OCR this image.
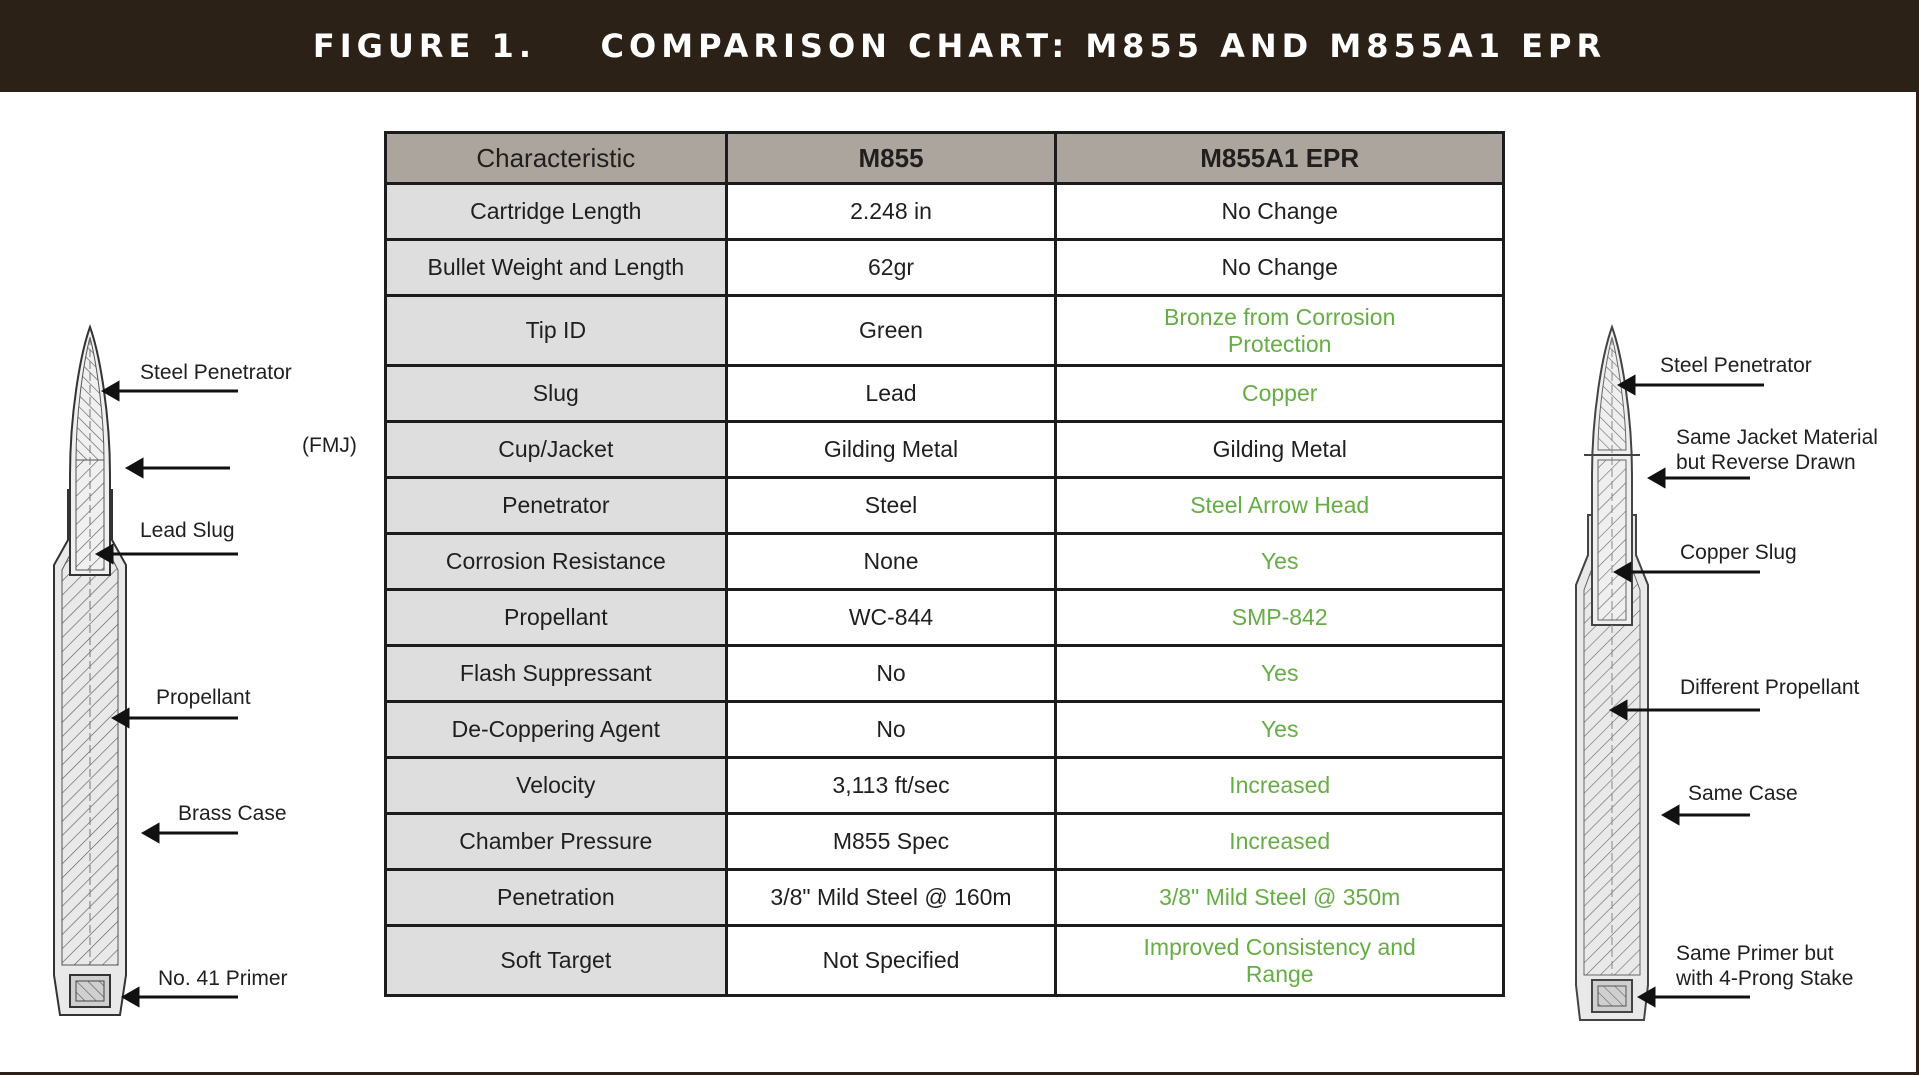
FIGURE 1.    COMPARISON CHART: M855 AND M855A1 EPR
Steel Penetrator
(FMJ)
Lead Slug
Propellant
Brass Case
No. 41 Primer
Characteristic	M855	M855A1 EPR
Cartridge Length	2.248 in	No Change
Bullet Weight and Length	62gr	No Change
Tip ID	Green	Bronze from Corrosion Protection
Slug	Lead	Copper
Cup/Jacket	Gilding Metal	Gilding Metal
Penetrator	Steel	Steel Arrow Head
Corrosion Resistance	None	Yes
Propellant	WC-844	SMP-842
Flash Suppressant	No	Yes
De-Coppering Agent	No	Yes
Velocity	3,113 ft/sec	Increased
Chamber Pressure	M855 Spec	Increased
Penetration	3/8" Mild Steel @ 160m	3/8" Mild Steel @ 350m
Soft Target	Not Specified	Improved Consistency and Range
Steel Penetrator
Same Jacket Material but Reverse Drawn
Copper Slug
Different Propellant
Same Case
Same Primer but with 4-Prong Stake
